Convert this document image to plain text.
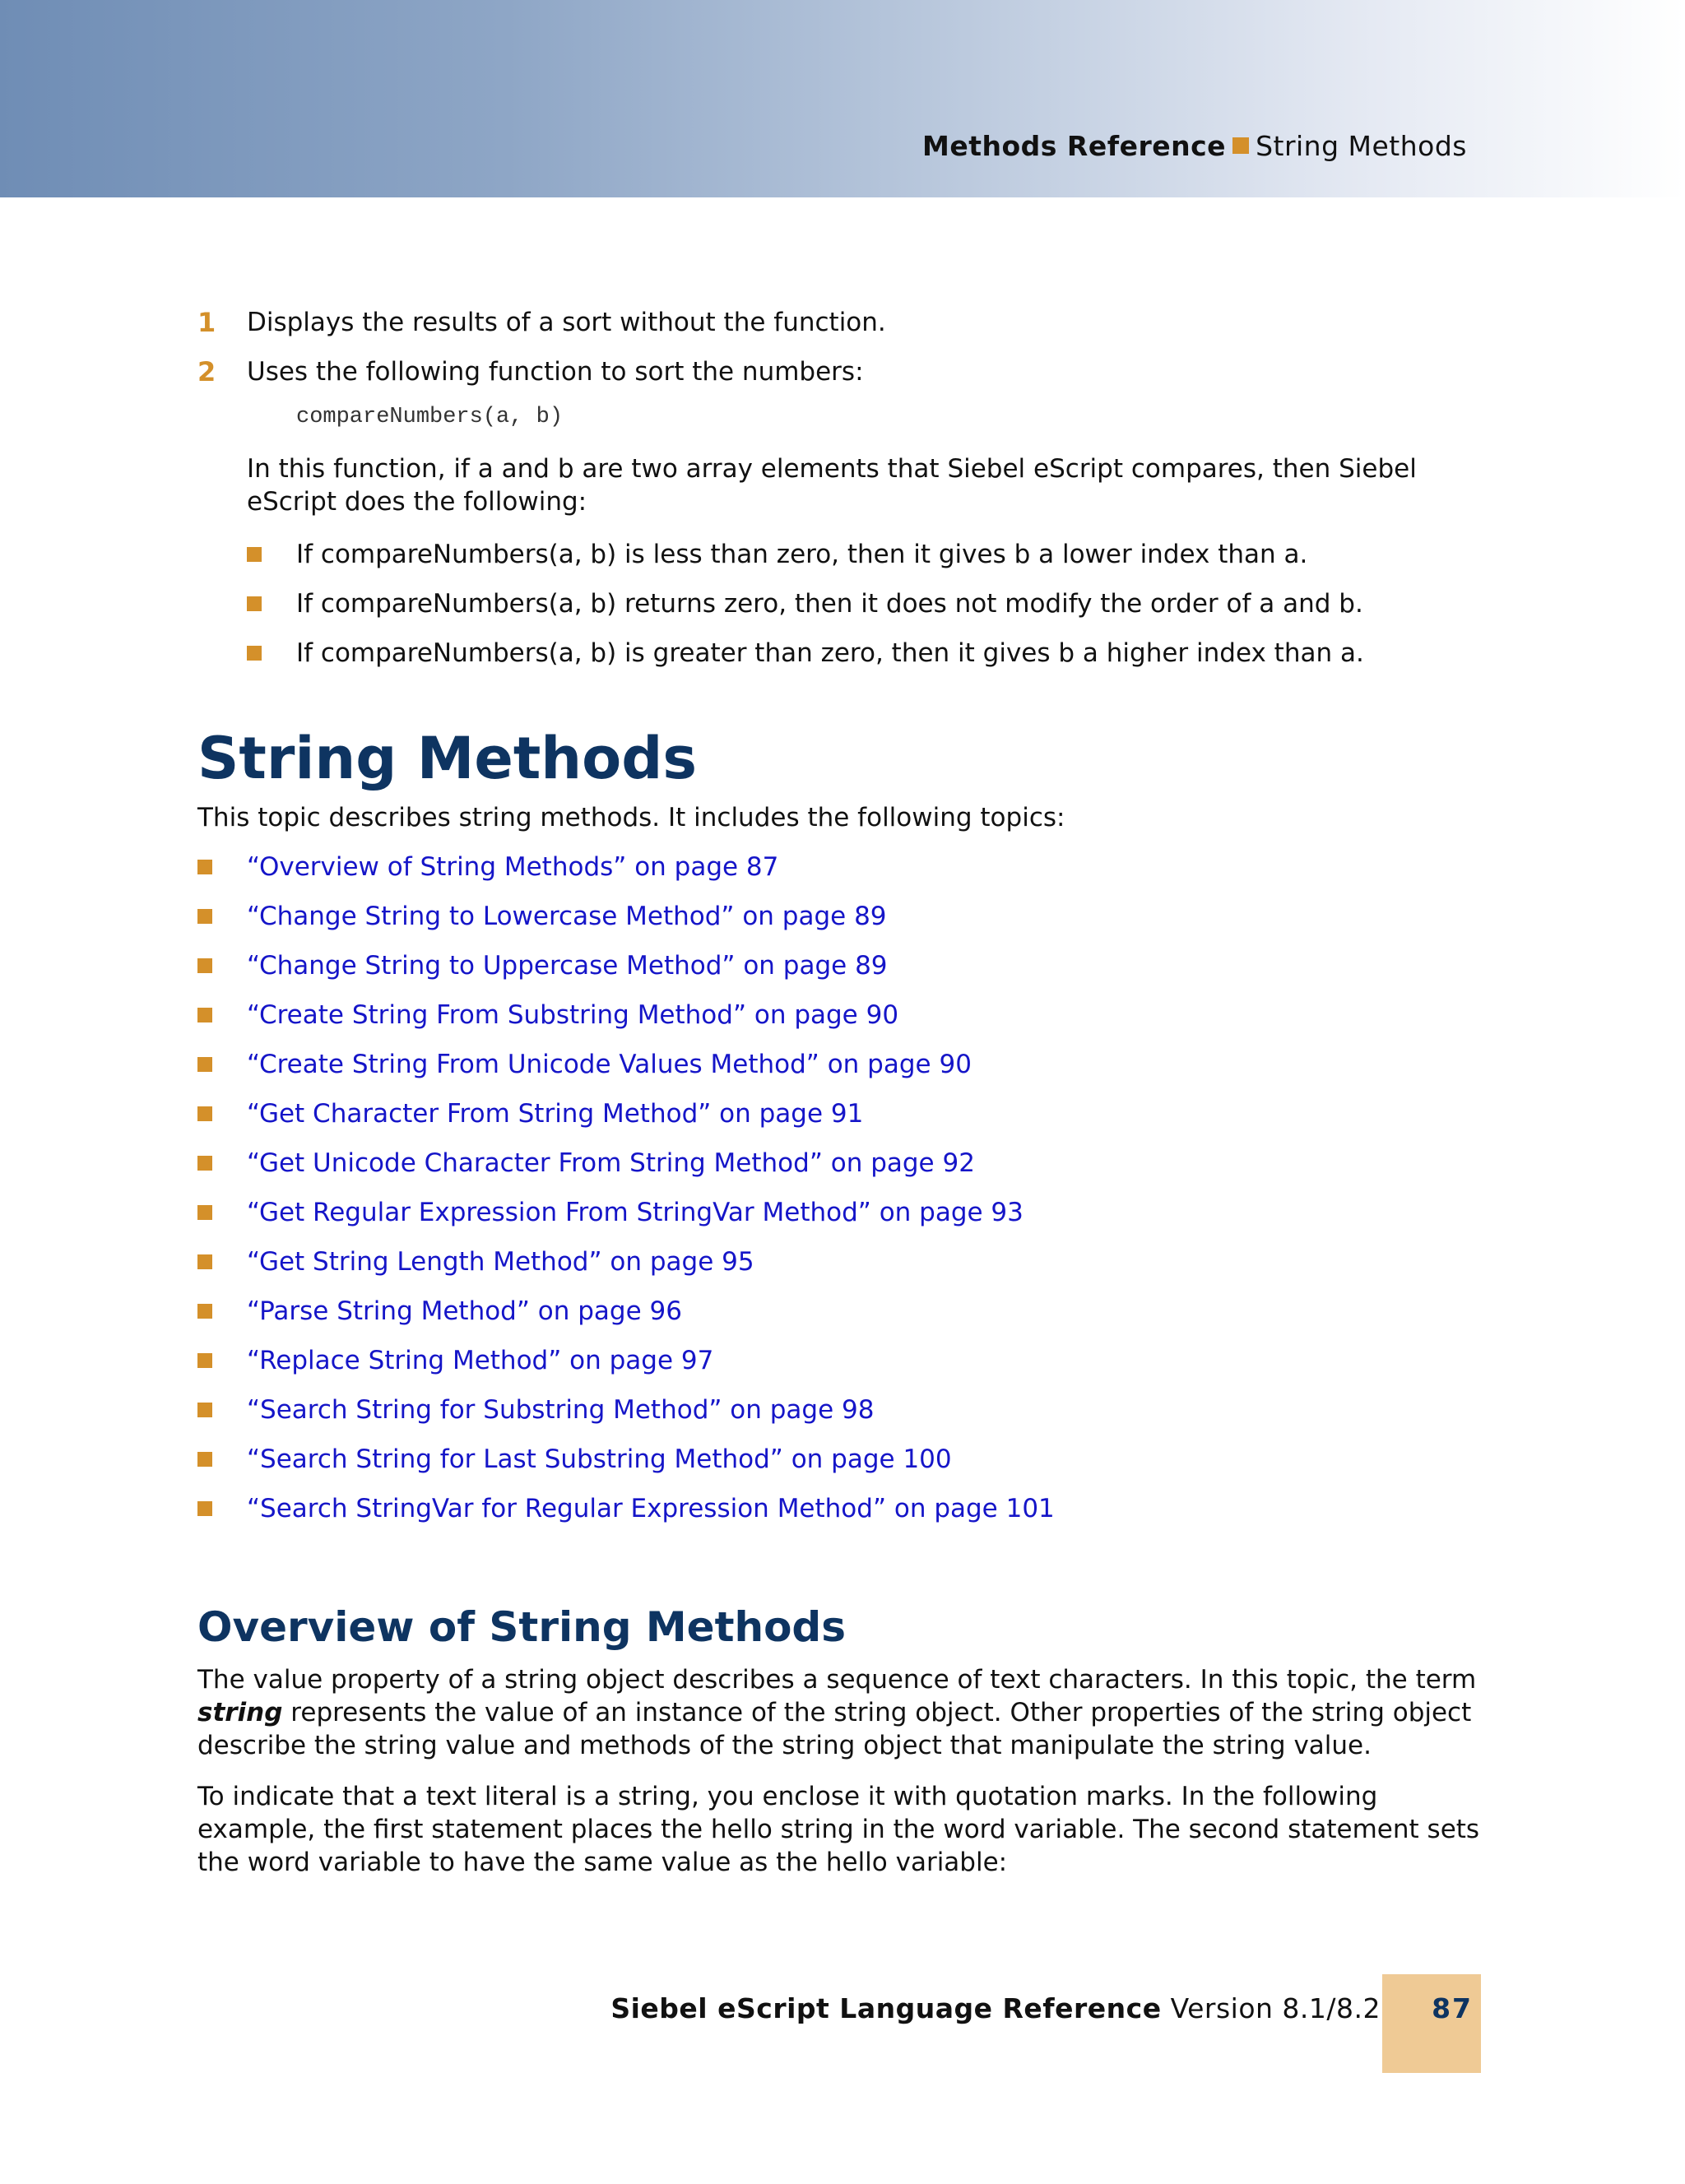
Methods Reference String Methods
1 Displays the results of a sort without the function.
2 Uses the following function to sort the numbers:
compareNumbers(a, b)
In this function, if a and b are two array elements that Siebel eScript compares, then Siebel eScript does the following:
If compareNumbers(a, b) is less than zero, then it gives b a lower index than a.
If compareNumbers(a, b) returns zero, then it does not modify the order of a and b.
If compareNumbers(a, b) is greater than zero, then it gives b a higher index than a.
String Methods
This topic describes string methods. It includes the following topics:
“Overview of String Methods” on page 87
“Change String to Lowercase Method” on page 89
“Change String to Uppercase Method” on page 89
“Create String From Substring Method” on page 90
“Create String From Unicode Values Method” on page 90
“Get Character From String Method” on page 91
“Get Unicode Character From String Method” on page 92
“Get Regular Expression From StringVar Method” on page 93
“Get String Length Method” on page 95
“Parse String Method” on page 96
“Replace String Method” on page 97
“Search String for Substring Method” on page 98
“Search String for Last Substring Method” on page 100
“Search StringVar for Regular Expression Method” on page 101
Overview of String Methods
The value property of a string object describes a sequence of text characters. In this topic, the term string represents the value of an instance of the string object. Other properties of the string object describe the string value and methods of the string object that manipulate the string value.
To indicate that a text literal is a string, you enclose it with quotation marks. In the following example, the first statement places the hello string in the word variable. The second statement sets the word variable to have the same value as the hello variable:
Siebel eScript Language Reference Version 8.1/8.2 87
